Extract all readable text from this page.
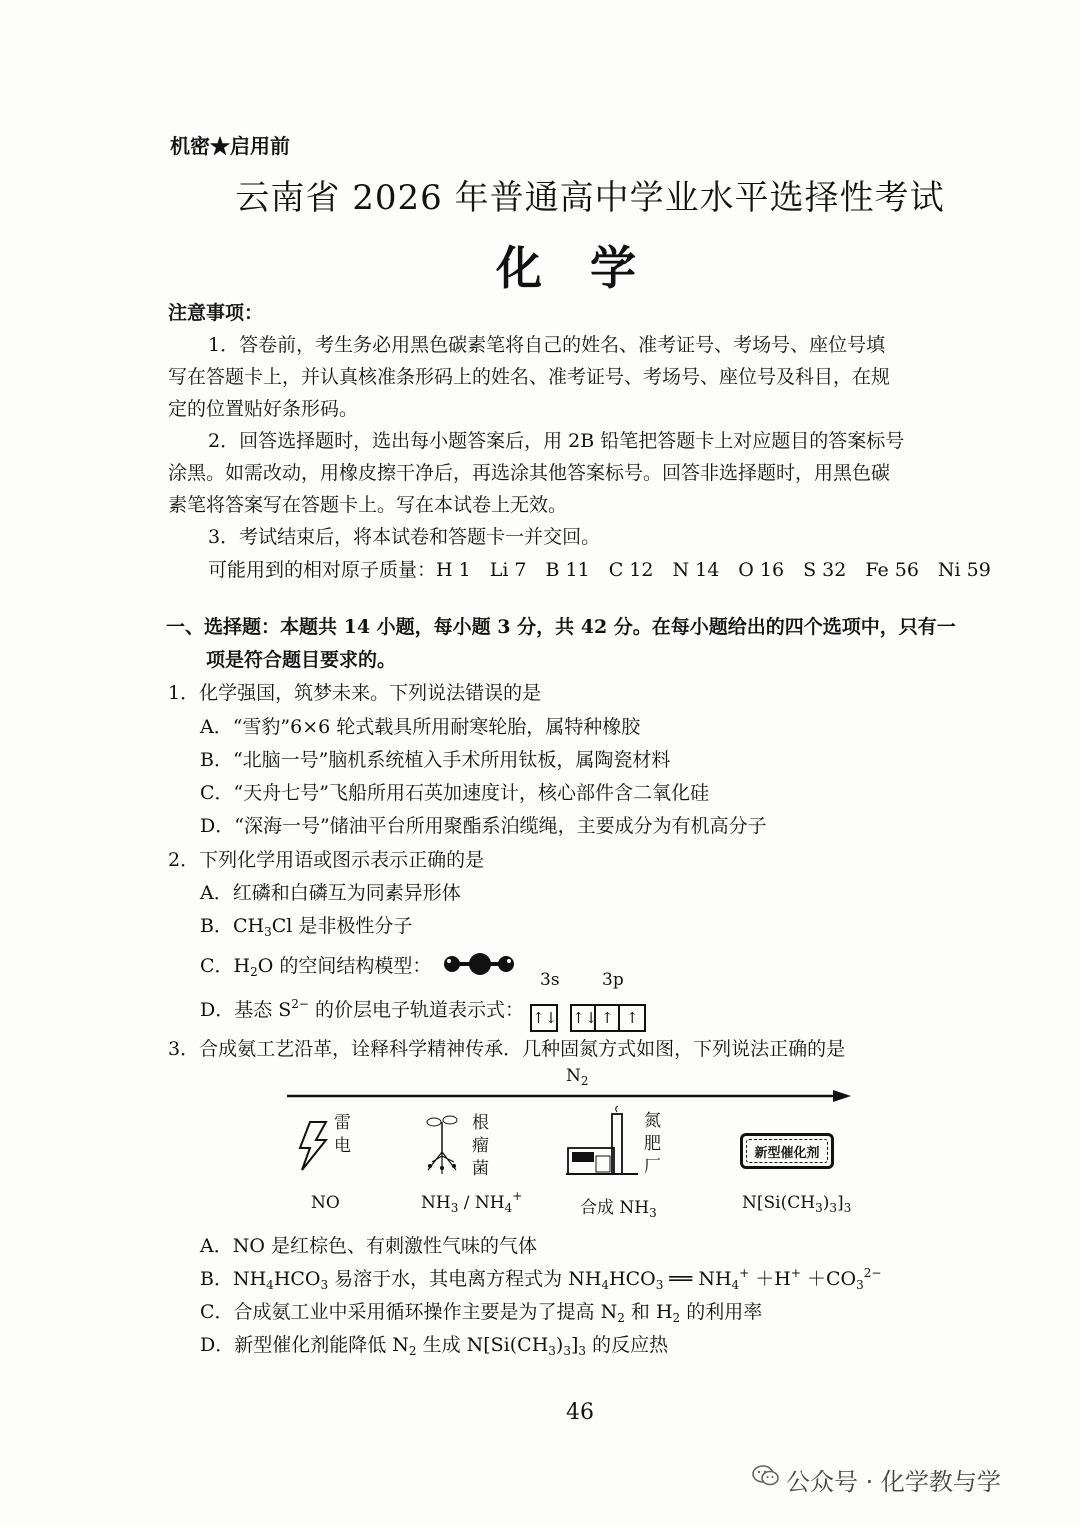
机密★启用前
云南省 2026 年普通高中学业水平选择性考试
化学
注意事项：
1．答卷前，考生务必用黑色碳素笔将自己的姓名、准考证号、考场号、座位号填
写在答题卡上，并认真核准条形码上的姓名、准考证号、考场号、座位号及科目，在规
定的位置贴好条形码。
2．回答选择题时，选出每小题答案后，用 2B 铅笔把答题卡上对应题目的答案标号
涂黑。如需改动，用橡皮擦干净后，再选涂其他答案标号。回答非选择题时，用黑色碳
素笔将答案写在答题卡上。写在本试卷上无效。
3．考试结束后，将本试卷和答题卡一并交回。
可能用到的相对原子质量：H 1　Li 7　B 11　C 12　N 14　O 16　S 32　Fe 56　Ni 59
一、选择题：本题共 14 小题，每小题 3 分，共 42 分。在每小题给出的四个选项中，只有一
项是符合题目要求的。
1．化学强国，筑梦未来。下列说法错误的是
A．“雪豹”6×6 轮式载具所用耐寒轮胎，属特种橡胶
B．“北脑一号”脑机系统植入手术所用钛板，属陶瓷材料
C．“天舟七号”飞船所用石英加速度计，核心部件含二氧化硅
D．“深海一号”储油平台所用聚酯系泊缆绳，主要成分为有机高分子
2．下列化学用语或图示表示正确的是
A．红磷和白磷互为同素异形体
B．$CH_3Cl$ 是非极性分子
C．$H_2O$ 的空间结构模型：
3s 3p
D．基态 $S^{2-}$ 的价层电子轨道表示式： ↑↓ ↑↓ ↑ ↑
3．合成氨工艺沿革，诠释科学精神传承．几种固氮方式如图，下列说法正确的是
$N_2$
雷电
根瘤菌
氮肥厂
新型催化剂
NO	$NH_3 / NH_4^+$
合成 $NH_3$	$N[Si(CH_3)_3]_3$
A．NO 是红棕色、有刺激性气味的气体
B．$NH_4HCO_3$ 易溶于水，其电离方程式为 $NH_4HCO_3$ ══ $NH_4^+ +H^+ +CO_3^{2-}$
C．合成氨工业中采用循环操作主要是为了提高 $N_2$ 和 $H_2$ 的利用率
D．新型催化剂能降低 $N_2$ 生成 $N[Si(CH_3)_3]_3$ 的反应热
46
公众号 · 化学教与学
